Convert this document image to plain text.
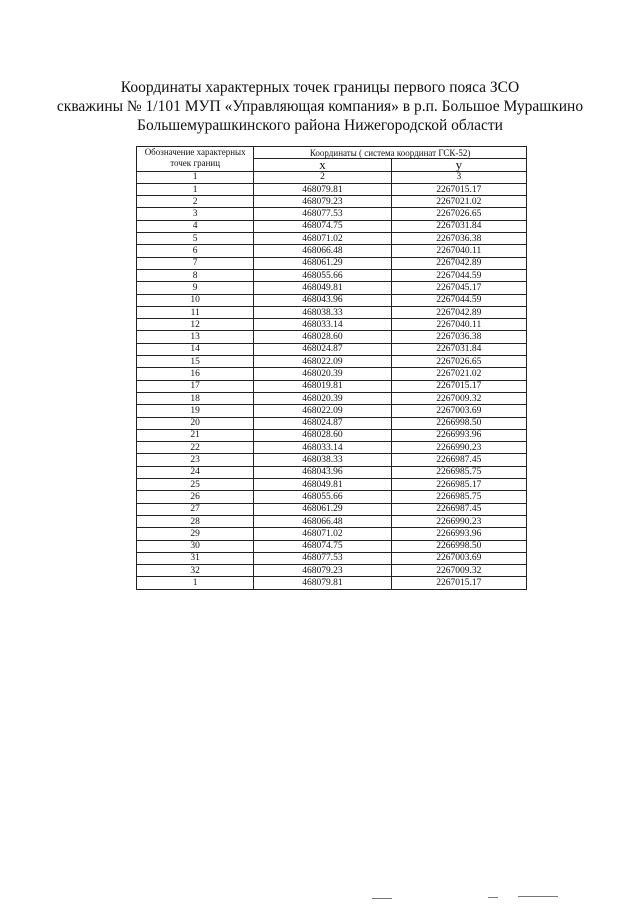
Координаты характерных точек границы первого пояса ЗСО
скважины № 1/101 МУП «Управляющая компания» в р.п. Большое Мурашкино
Большемурашкинского района Нижегородской области
Обозначение характерных точек границ	Координаты ( система координат ГСК-52)	
	х	у
1	2	3
1	468079.81	2267015.17
2	468079.23	2267021.02
3	468077.53	2267026.65
4	468074.75	2267031.84
5	468071.02	2267036.38
6	468066.48	2267040.11
7	468061.29	2267042.89
8	468055.66	2267044.59
9	468049.81	2267045.17
10	468043.96	2267044.59
11	468038.33	2267042.89
12	468033.14	2267040.11
13	468028.60	2267036.38
14	468024.87	2267031.84
15	468022.09	2267026.65
16	468020.39	2267021.02
17	468019.81	2267015.17
18	468020.39	2267009.32
19	468022.09	2267003.69
20	468024.87	2266998.50
21	468028.60	2266993.96
22	468033.14	2266990.23
23	468038.33	2266987.45
24	468043.96	2266985.75
25	468049.81	2266985.17
26	468055.66	2266985.75
27	468061.29	2266987.45
28	468066.48	2266990.23
29	468071.02	2266993.96
30	468074.75	2266998.50
31	468077.53	2267003.69
32	468079.23	2267009.32
1	468079.81	2267015.17
